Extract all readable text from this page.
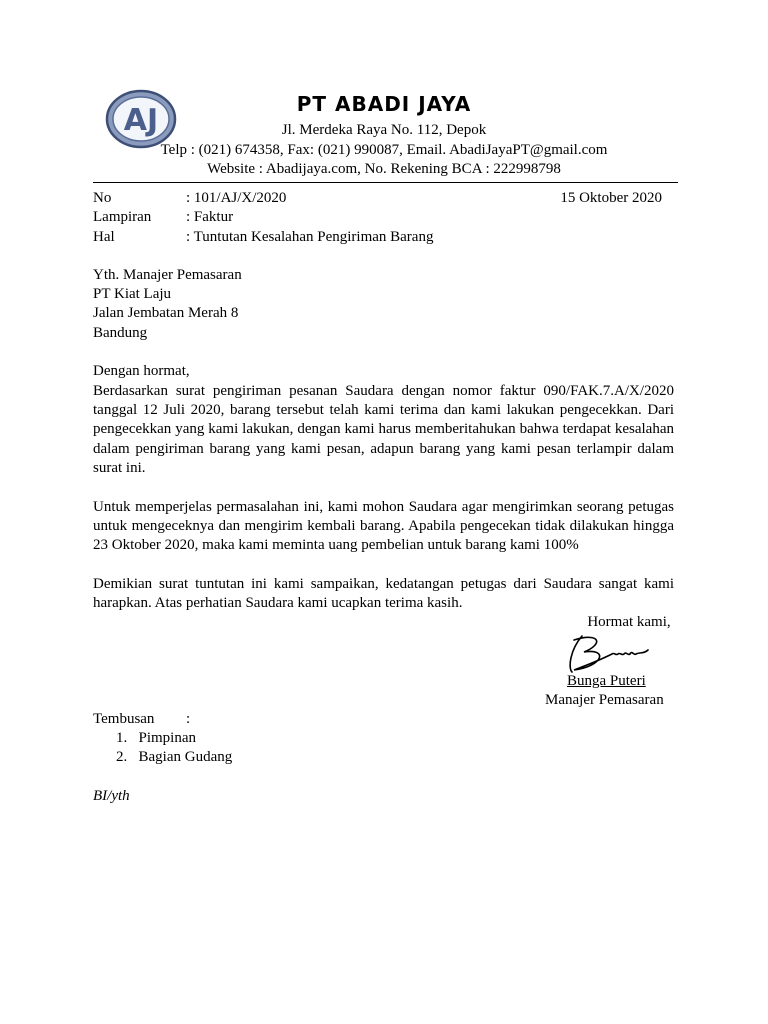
AJ	PT ABADI JAYA
Jl. Merdeka Raya No. 112, Depok
Telp : (021) 674358, Fax: (021) 990087, Email. AbadiJayaPT@gmail.com
Website : Abadijaya.com, No. Rekening BCA : 222998798
No	: 101/AJ/X/2020	15 Oktober 2020
Lampiran : Faktur
Hal	: Tuntutan Kesalahan Pengiriman Barang
Yth. Manajer Pemasaran
PT Kiat Laju
Jalan Jembatan Merah 8
Bandung
Dengan hormat,
Berdasarkan surat pengiriman pesanan Saudara dengan nomor faktur 090/FAK.7.A/X/2020 tanggal 12 Juli 2020, barang tersebut telah kami terima dan kami lakukan pengecekkan. Dari pengecekkan yang kami lakukan, dengan kami harus memberitahukan bahwa terdapat kesalahan dalam pengiriman barang yang kami pesan, adapun barang yang kami pesan terlampir dalam surat ini.
Untuk memperjelas permasalahan ini, kami mohon Saudara agar mengirimkan seorang petugas untuk mengeceknya dan mengirim kembali barang. Apabila pengecekan tidak dilakukan hingga 23 Oktober 2020, maka kami meminta uang pembelian untuk barang kami 100%
Demikian surat tuntutan ini kami sampaikan, kedatangan petugas dari Saudara sangat kami harapkan. Atas perhatian Saudara kami ucapkan terima kasih.
Hormat kami,
Bunga Puteri
Manajer Pemasaran
Tembusan :
1.   Pimpinan
2.   Bagian Gudang
BI/yth
